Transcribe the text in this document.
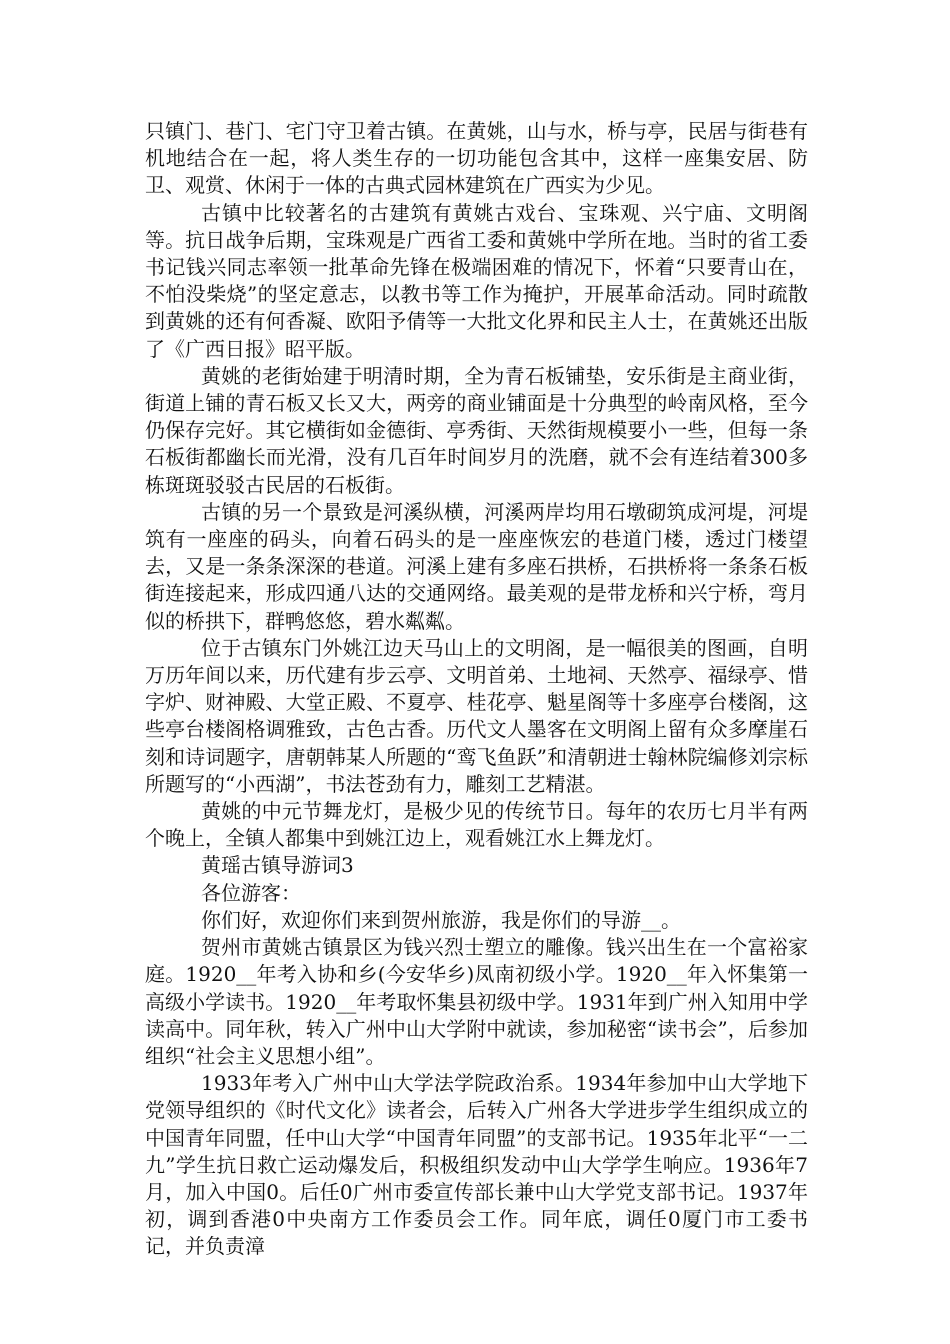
只镇门、巷门、宅门守卫着古镇。在黄姚，山与水，桥与亭，民居与街巷有机地结合在一起，将人类生存的一切功能包含其中，这样一座集安居、防卫、观赏、休闲于一体的古典式园林建筑在广西实为少见。

古镇中比较著名的古建筑有黄姚古戏台、宝珠观、兴宁庙、文明阁等。抗日战争后期，宝珠观是广西省工委和黄姚中学所在地。当时的省工委书记钱兴同志率领一批革命先锋在极端困难的情况下，怀着“只要青山在，不怕没柴烧”的坚定意志，以教书等工作为掩护，开展革命活动。同时疏散到黄姚的还有何香凝、欧阳予倩等一大批文化界和民主人士，在黄姚还出版了《广西日报》昭平版。

黄姚的老街始建于明清时期，全为青石板铺垫，安乐街是主商业街，街道上铺的青石板又长又大，两旁的商业铺面是十分典型的岭南风格，至今仍保存完好。其它横街如金德街、亭秀街、天然街规模要小一些，但每一条石板街都幽长而光滑，没有几百年时间岁月的洗磨，就不会有连结着300多栋斑斑驳驳古民居的石板街。

古镇的另一个景致是河溪纵横，河溪两岸均用石墩砌筑成河堤，河堤筑有一座座的码头，向着石码头的是一座座恢宏的巷道门楼，透过门楼望去，又是一条条深深的巷道。河溪上建有多座石拱桥，石拱桥将一条条石板街连接起来，形成四通八达的交通网络。最美观的是带龙桥和兴宁桥，弯月似的桥拱下，群鸭悠悠，碧水粼粼。

位于古镇东门外姚江边天马山上的文明阁，是一幅很美的图画，自明万历年间以来，历代建有步云亭、文明首弟、土地祠、天然亭、福绿亭、惜字炉、财神殿、大堂正殿、不夏亭、桂花亭、魁星阁等十多座亭台楼阁，这些亭台楼阁格调雅致，古色古香。历代文人墨客在文明阁上留有众多摩崖石刻和诗词题字，唐朝韩某人所题的“鸾飞鱼跃”和清朝进士翰林院编修刘宗标所题写的“小西湖”，书法苍劲有力，雕刻工艺精湛。

黄姚的中元节舞龙灯，是极少见的传统节日。每年的农历七月半有两个晚上，全镇人都集中到姚江边上，观看姚江水上舞龙灯。

黄瑶古镇导游词3

各位游客：

你们好，欢迎你们来到贺州旅游，我是你们的导游__。

贺州市黄姚古镇景区为钱兴烈士塑立的雕像。钱兴出生在一个富裕家庭。1920__年考入协和乡(今安华乡)凤南初级小学。1920__年入怀集第一高级小学读书。1920__年考取怀集县初级中学。1931年到广州入知用中学读高中。同年秋，转入广州中山大学附中就读，参加秘密“读书会”，后参加组织“社会主义思想小组”。

1933年考入广州中山大学法学院政治系。1934年参加中山大学地下党领导组织的《时代文化》读者会，后转入广州各大学进步学生组织成立的中国青年同盟，任中山大学“中国青年同盟”的支部书记。1935年北平“一二九”学生抗日救亡运动爆发后，积极组织发动中山大学学生响应。1936年7月，加入中国0。后任0广州市委宣传部长兼中山大学党支部书记。1937年初，调到香港0中央南方工作委员会工作。同年底，调任0厦门市工委书记，并负责漳
